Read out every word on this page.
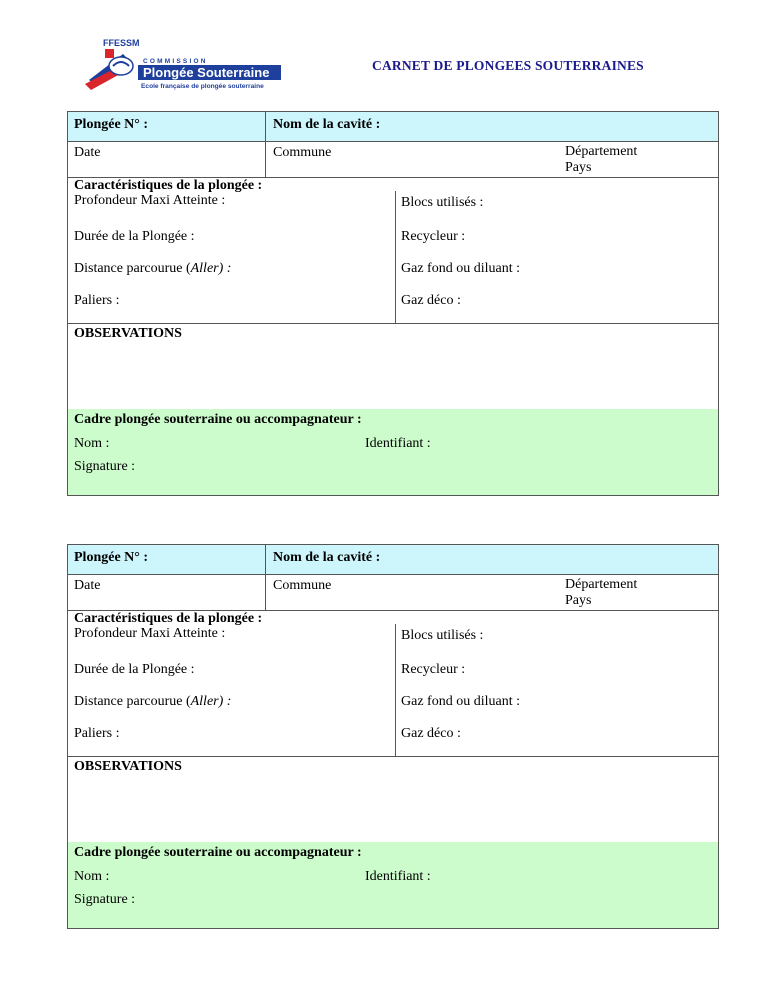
FFESSM
COMMISSION
Plongée Souterraine
Ecole française de plongée souterraine
CARNET DE PLONGEES SOUTERRAINES
Plongée N° :	Nom de la cavité :
Date	Commune	Département
Pays
Caractéristiques de la plongée :
Profondeur Maxi Atteinte :	Blocs utilisés :
Durée de la Plongée :	Recycleur :
Distance parcourue (Aller) :	Gaz fond ou diluant :
Paliers :	Gaz déco :
OBSERVATIONS
Cadre plongée souterraine ou accompagnateur :
Nom :	Identifiant :
Signature :
Plongée N° :	Nom de la cavité :
Date	Commune	Département
Pays
Caractéristiques de la plongée :
Profondeur Maxi Atteinte :	Blocs utilisés :
Durée de la Plongée :	Recycleur :
Distance parcourue (Aller) :	Gaz fond ou diluant :
Paliers :	Gaz déco :
OBSERVATIONS
Cadre plongée souterraine ou accompagnateur :
Nom :	Identifiant :
Signature :
